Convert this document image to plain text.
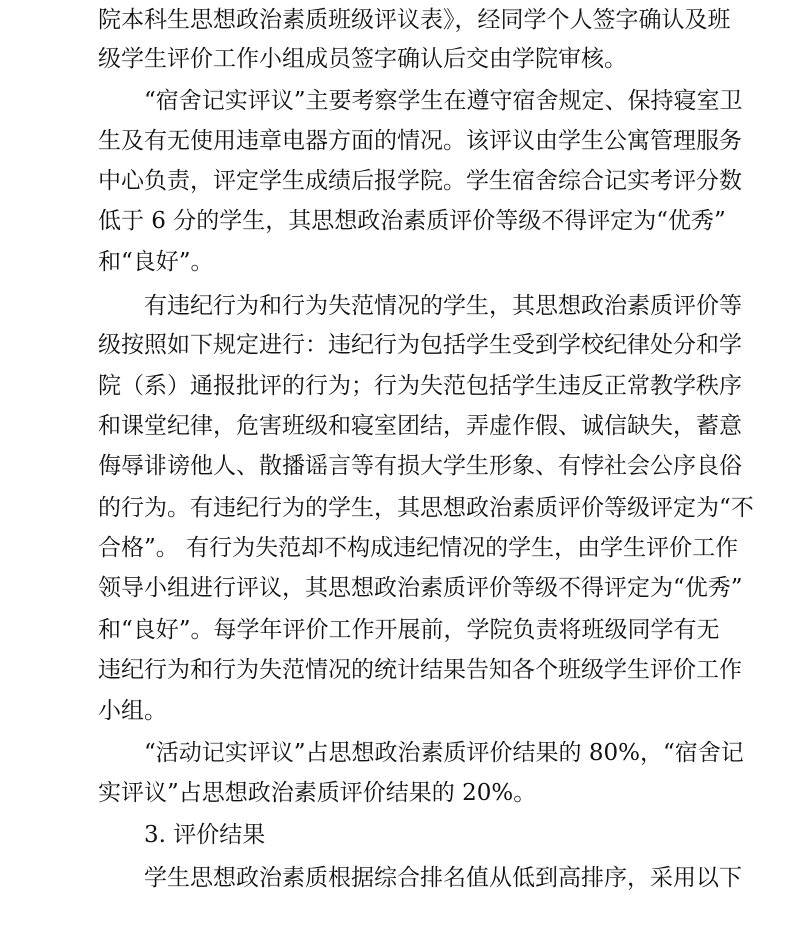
院本科生思想政治素质班级评议表》，经同学个人签字确认及班
级学生评价工作小组成员签字确认后交由学院审核。
“宿舍记实评议”主要考察学生在遵守宿舍规定、保持寝室卫
生及有无使用违章电器方面的情况。该评议由学生公寓管理服务
中心负责，评定学生成绩后报学院。学生宿舍综合记实考评分数
低于 6 分的学生，其思想政治素质评价等级不得评定为“优秀”
和“良好”。
有违纪行为和行为失范情况的学生，其思想政治素质评价等
级按照如下规定进行：违纪行为包括学生受到学校纪律处分和学
院（系）通报批评的行为；行为失范包括学生违反正常教学秩序
和课堂纪律，危害班级和寝室团结，弄虚作假、诚信缺失，蓄意
侮辱诽谤他人、散播谣言等有损大学生形象、有悖社会公序良俗
的行为。有违纪行为的学生，其思想政治素质评价等级评定为“不
合格”。 有行为失范却不构成违纪情况的学生，由学生评价工作
领导小组进行评议，其思想政治素质评价等级不得评定为“优秀”
和“良好”。每学年评价工作开展前，学院负责将班级同学有无
违纪行为和行为失范情况的统计结果告知各个班级学生评价工作
小组。
“活动记实评议”占思想政治素质评价结果的 80%，“宿舍记
实评议”占思想政治素质评价结果的 20%。
3. 评价结果
学生思想政治素质根据综合排名值从低到高排序，采用以下
